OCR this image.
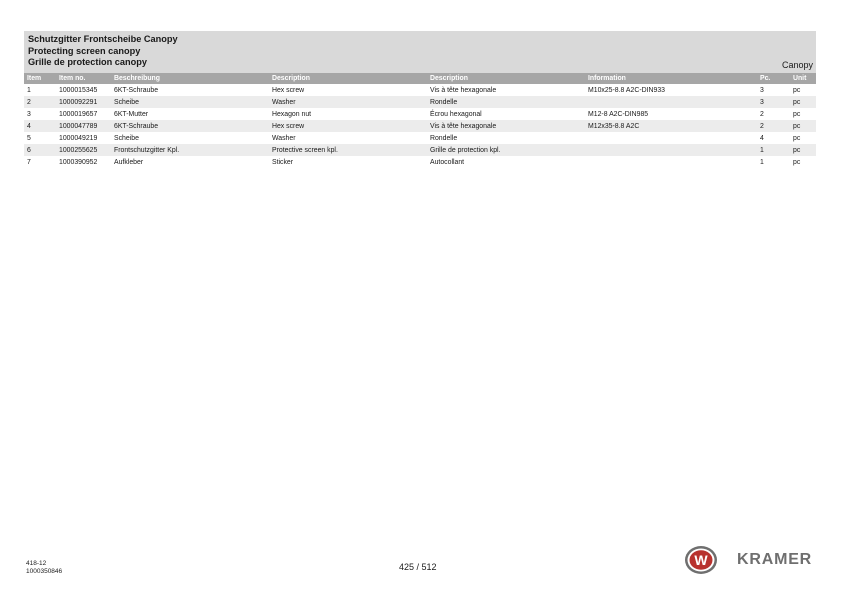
Schutzgitter Frontscheibe Canopy
Protecting screen canopy
Grille de protection canopy	Canopy
Item	Item no.	Beschreibung	Description	Description	Information	Pc.	Unit
1	1000015345	6KT-Schraube	Hex screw	Vis à tête hexagonale	M10x25-8.8 A2C-DIN933	3	pc
2	1000092291	Scheibe	Washer	Rondelle		3	pc
3	1000019657	6KT-Mutter	Hexagon nut	Écrou hexagonal	M12-8 A2C-DIN985	2	pc
4	1000047789	6KT-Schraube	Hex screw	Vis à tête hexagonale	M12x35-8.8 A2C	2	pc
5	1000049219	Scheibe	Washer	Rondelle		4	pc
6	1000255625	Frontschutzgitter Kpl.	Protective screen kpl.	Grille de protection kpl.		1	pc
7	1000390952	Aufkleber	Sticker	Autocollant		1	pc
418-12
1000350846	425 / 512	W KRAMER
